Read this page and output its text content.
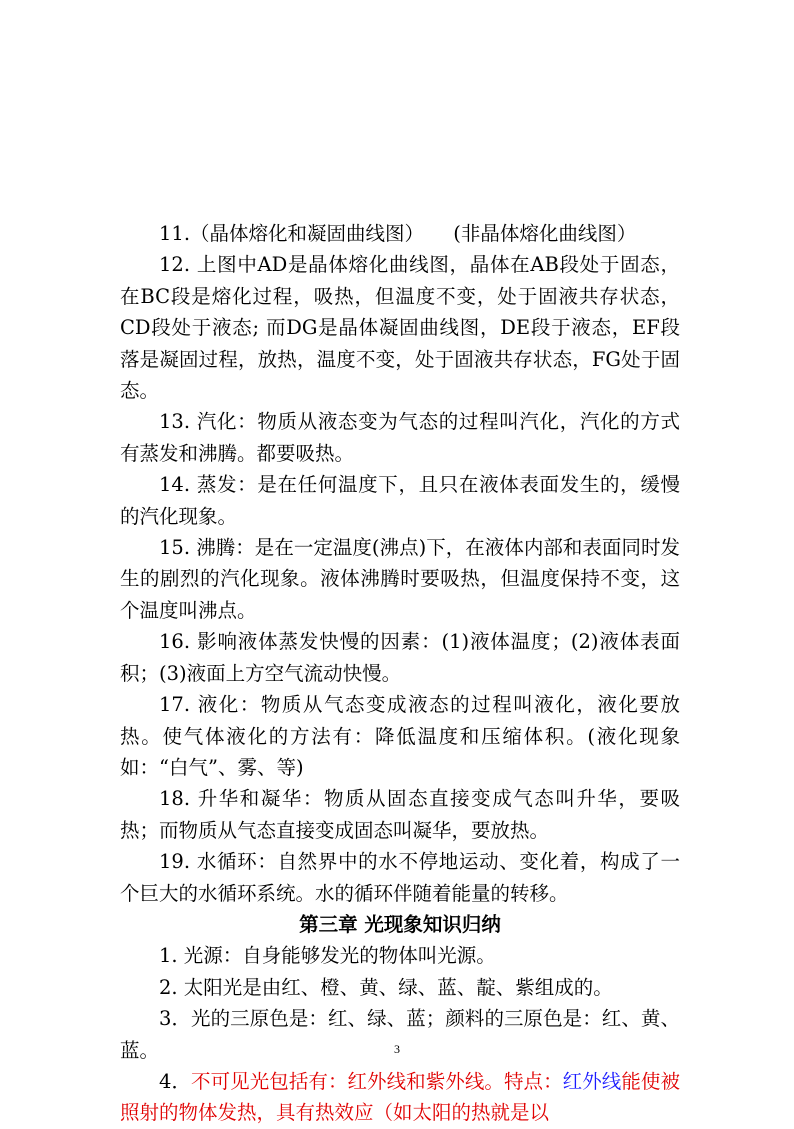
11.（晶体熔化和凝固曲线图）　　(非晶体熔化曲线图）

12. 上图中AD是晶体熔化曲线图，晶体在AB段处于固态，在BC段是熔化过程，吸热，但温度不变，处于固液共存状态，CD段处于液态; 而DG是晶体凝固曲线图，DE段于液态，EF段落是凝固过程，放热，温度不变，处于固液共存状态，FG处于固态。

13. 汽化：物质从液态变为气态的过程叫汽化，汽化的方式有蒸发和沸腾。都要吸热。

14. 蒸发：是在任何温度下，且只在液体表面发生的，缓慢的汽化现象。

15. 沸腾：是在一定温度(沸点)下，在液体内部和表面同时发生的剧烈的汽化现象。液体沸腾时要吸热，但温度保持不变，这个温度叫沸点。

16. 影响液体蒸发快慢的因素：(1)液体温度；(2)液体表面积；(3)液面上方空气流动快慢。

17. 液化：物质从气态变成液态的过程叫液化，液化要放热。使气体液化的方法有：降低温度和压缩体积。(液化现象如：“白气”、雾、等)

18. 升华和凝华：物质从固态直接变成气态叫升华，要吸热；而物质从气态直接变成固态叫凝华，要放热。

19. 水循环：自然界中的水不停地运动、变化着，构成了一个巨大的水循环系统。水的循环伴随着能量的转移。

第三章 光现象知识归纳

1. 光源：自身能够发光的物体叫光源。

2. 太阳光是由红、橙、黄、绿、蓝、靛、紫组成的。

3．光的三原色是：红、绿、蓝；颜料的三原色是：红、黄、蓝。

4．不可见光包括有：红外线和紫外线。特点：红外线能使被照射的物体发热，具有热效应（如太阳的热就是以

3
